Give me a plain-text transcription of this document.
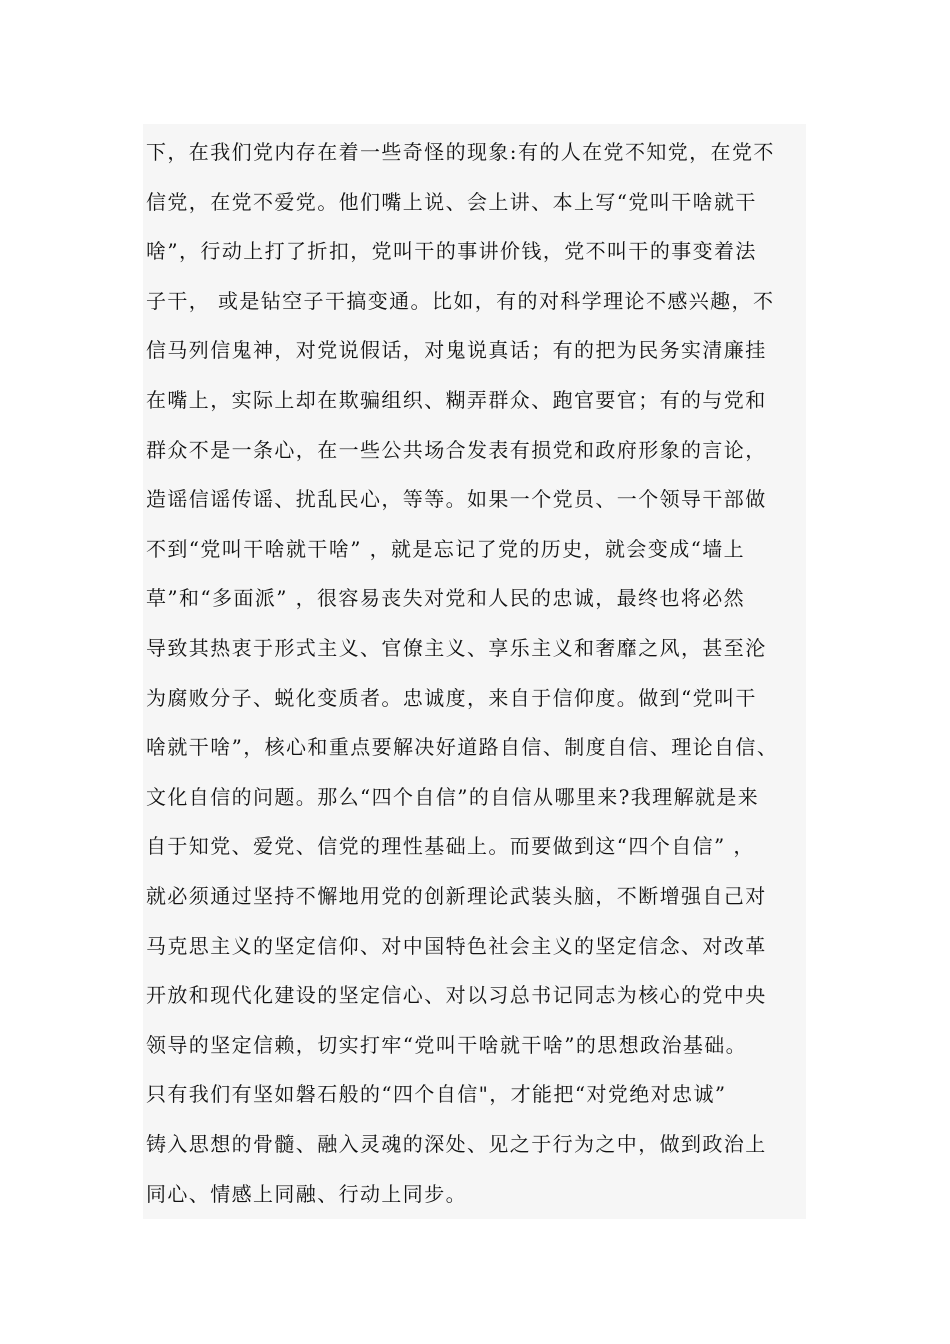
下，在我们党内存在着一些奇怪的现象:有的人在党不知党，在党不
信党，在党不爱党。他们嘴上说、会上讲、本上写“党叫干啥就干
啥”，行动上打了折扣，党叫干的事讲价钱，党不叫干的事变着法
子干， 或是钻空子干搞变通。比如，有的对科学理论不感兴趣，不
信马列信鬼神，对党说假话，对鬼说真话；有的把为民务实清廉挂
在嘴上，实际上却在欺骗组织、糊弄群众、跑官要官；有的与党和
群众不是一条心，在一些公共场合发表有损党和政府形象的言论，
造谣信谣传谣、扰乱民心，等等。如果一个党员、一个领导干部做
不到“党叫干啥就干啥” ，就是忘记了党的历史，就会变成“墙上
草”和“多面派” ，很容易丧失对党和人民的忠诚，最终也将必然
导致其热衷于形式主义、官僚主义、享乐主义和奢靡之风，甚至沦
为腐败分子、蜕化变质者。忠诚度，来自于信仰度。做到“党叫干
啥就干啥”，核心和重点要解决好道路自信、制度自信、理论自信、
文化自信的问题。那么“四个自信”的自信从哪里来?我理解就是来
自于知党、爱党、信党的理性基础上。而要做到这“四个自信” ，
就必须通过坚持不懈地用党的创新理论武装头脑，不断增强自己对
马克思主义的坚定信仰、对中国特色社会主义的坚定信念、对改革
开放和现代化建设的坚定信心、对以习总书记同志为核心的党中央
领导的坚定信赖，切实打牢“党叫干啥就干啥”的思想政治基础。
只有我们有坚如磐石般的“四个自信"，才能把“对党绝对忠诚”
铸入思想的骨髓、融入灵魂的深处、见之于行为之中，做到政治上
同心、情感上同融、行动上同步。
